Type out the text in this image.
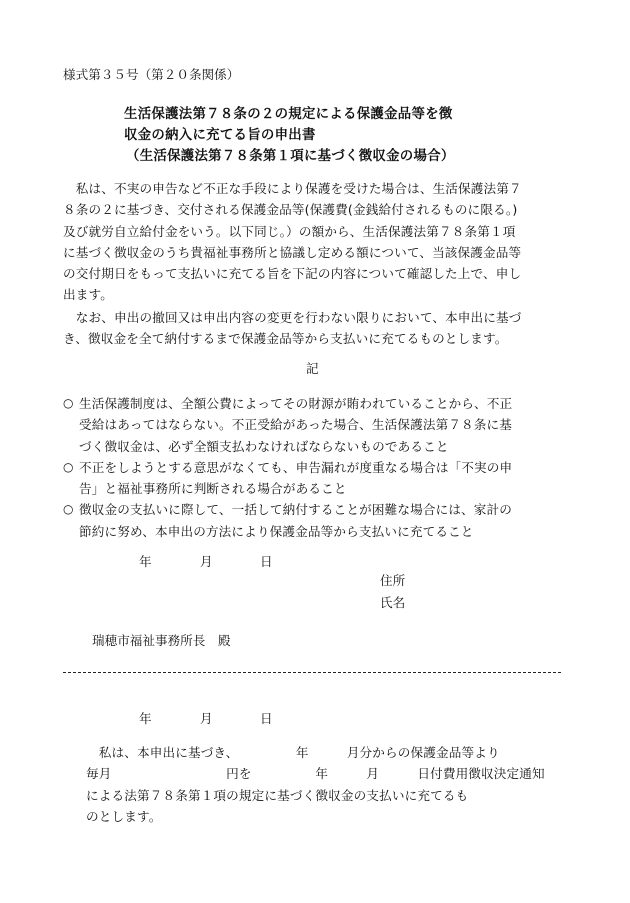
様式第３５号（第２０条関係）
生活保護法第７８条の２の規定による保護金品等を徴
収金の納入に充てる旨の申出書
（生活保護法第７８条第１項に基づく徴収金の場合）
　私は、不実の申告など不正な手段により保護を受けた場合は、生活保護法第７
８条の２に基づき、交付される保護金品等(保護費(金銭給付されるものに限る。)
及び就労自立給付金をいう。以下同じ。）の額から、生活保護法第７８条第１項
に基づく徴収金のうち貴福祉事務所と協議し定める額について、当該保護金品等
の交付期日をもって支払いに充てる旨を下記の内容について確認した上で、申し
出ます。
　なお、申出の撤回又は申出内容の変更を行わない限りにおいて、本申出に基づ
き、徴収金を全て納付するまで保護金品等から支払いに充てるものとします。
記
○ 生活保護制度は、全額公費によってその財源が賄われていることから、不正
受給はあってはならない。不正受給があった場合、生活保護法第７８条に基
づく徴収金は、必ず全額支払わなければならないものであること
○ 不正をしようとする意思がなくても、申告漏れが度重なる場合は「不実の申
告」と福祉事務所に判断される場合があること
○ 徴収金の支払いに際して、一括して納付することが困難な場合には、家計の
節約に努め、本申出の方法により保護金品等から支払いに充てること
年	月	日
住所
氏名
瑞穂市福祉事務所長　殿
年	月	日
　私は、本申出に基づき、　　　　　年　　　月分からの保護金品等より
毎月　　　　　　　　　円を　　　　　年　　　月　　　日付費用徴収決定通知
による法第７８条第１項の規定に基づく徴収金の支払いに充てるも
のとします。
